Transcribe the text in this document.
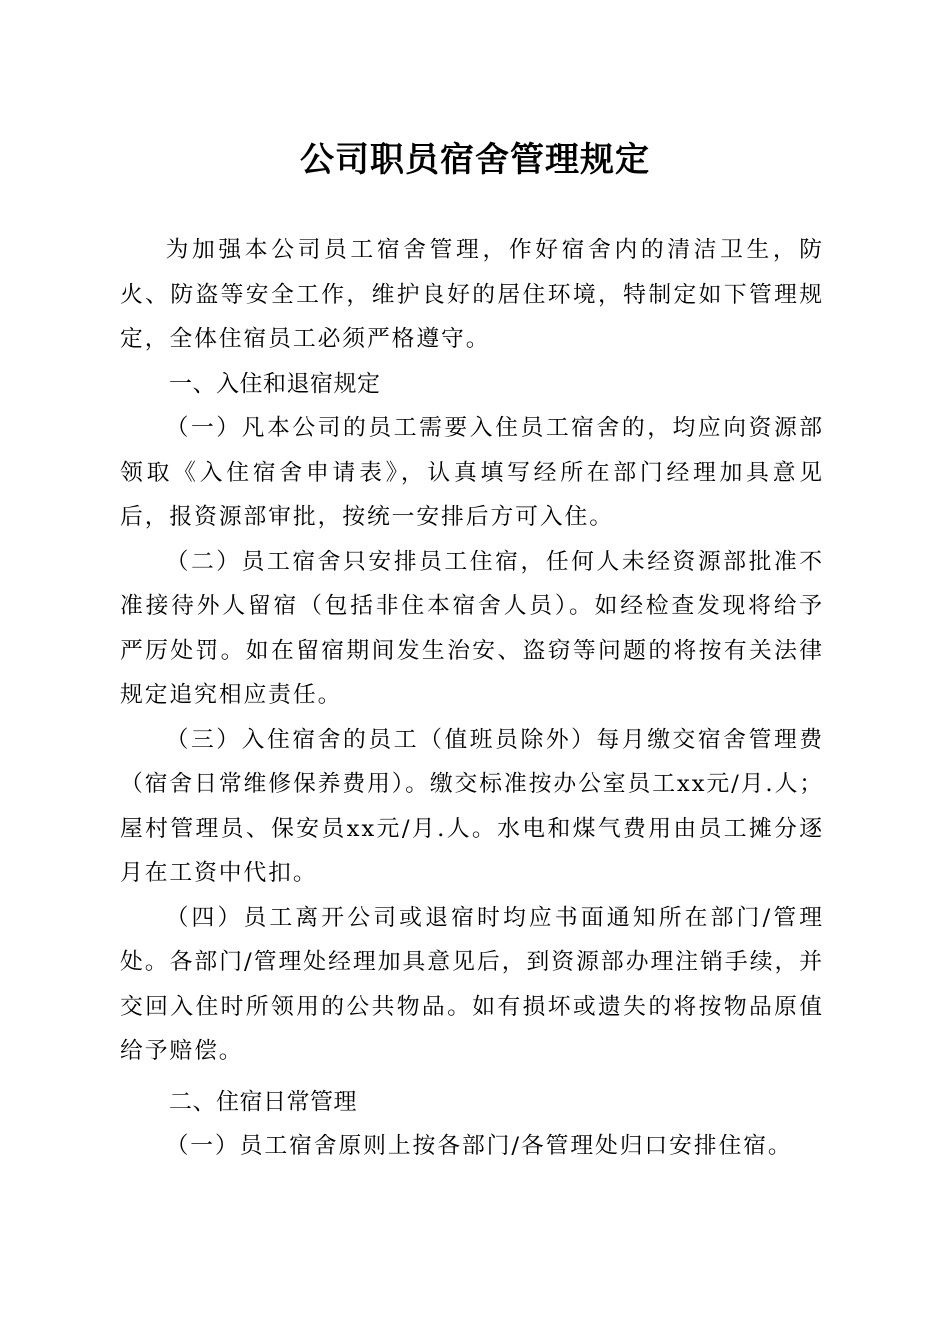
公司职员宿舍管理规定

为加强本公司员工宿舍管理，作好宿舍内的清洁卫生，防火、防盗等安全工作，维护良好的居住环境，特制定如下管理规定，全体住宿员工必须严格遵守。

一、入住和退宿规定

（一）凡本公司的员工需要入住员工宿舍的，均应向资源部领取《入住宿舍申请表》，认真填写经所在部门经理加具意见后，报资源部审批，按统一安排后方可入住。

（二）员工宿舍只安排员工住宿，任何人未经资源部批准不准接待外人留宿（包括非住本宿舍人员）。如经检查发现将给予严厉处罚。如在留宿期间发生治安、盗窃等问题的将按有关法律规定追究相应责任。

（三）入住宿舍的员工（值班员除外）每月缴交宿舍管理费（宿舍日常维修保养费用）。缴交标准按办公室员工xx元/月.人；屋村管理员、保安员xx元/月.人。水电和煤气费用由员工摊分逐月在工资中代扣。

（四）员工离开公司或退宿时均应书面通知所在部门/管理处。各部门/管理处经理加具意见后，到资源部办理注销手续，并交回入住时所领用的公共物品。如有损坏或遗失的将按物品原值给予赔偿。

二、住宿日常管理

（一）员工宿舍原则上按各部门/各管理处归口安排住宿。
